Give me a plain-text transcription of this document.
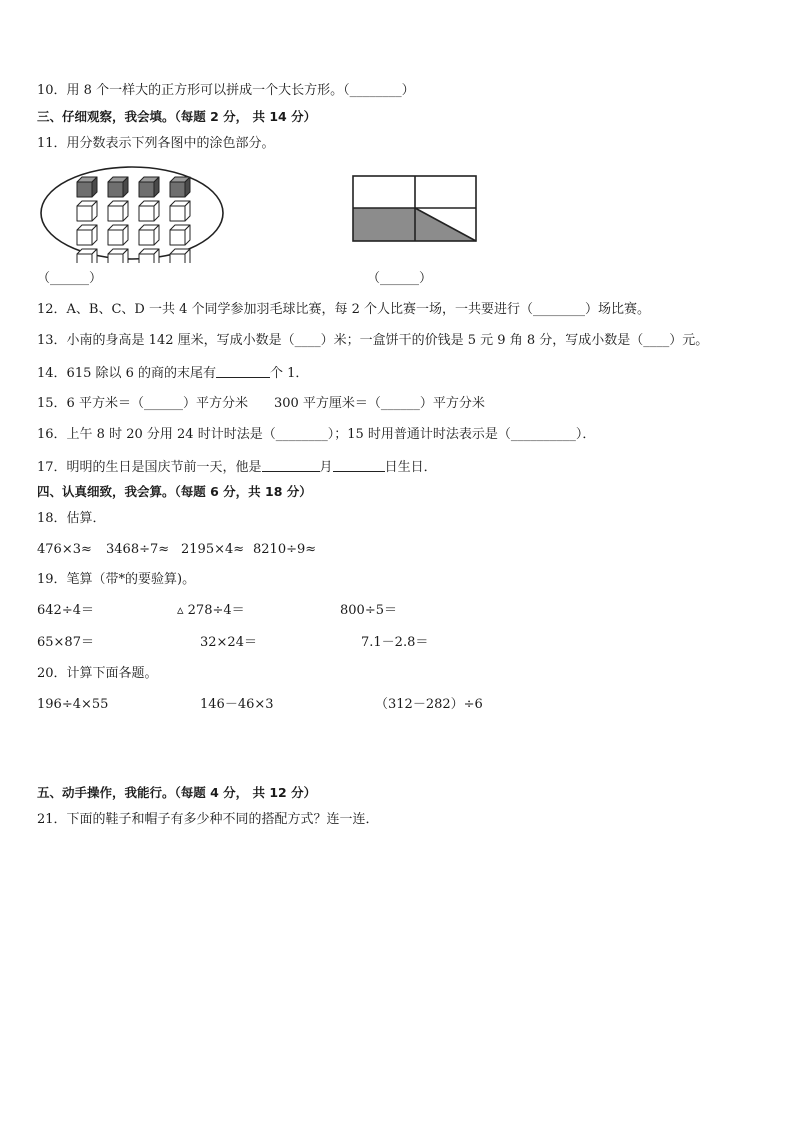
10．用 8 个一样大的正方形可以拼成一个大长方形。（________）
三、仔细观察，我会填。（每题 2 分， 共 14 分）
11．用分数表示下列各图中的涂色部分。
（______）	（______）
12．A、B、C、D 一共 4 个同学参加羽毛球比赛，每 2 个人比赛一场，一共要进行（________）场比赛。
13．小南的身高是 142 厘米，写成小数是（____）米；一盒饼干的价钱是 5 元 9 角 8 分，写成小数是（____）元。
14．615 除以 6 的商的末尾有	个 1．
15．6 平方米＝（______）平方分米　　300 平方厘米＝（______）平方分米
16．上午 8 时 20 分用 24 时计时法是（________）；15 时用普通计时法表示是（__________）．
17．明明的生日是国庆节前一天，他是	月	日生日．
四、认真细致，我会算。（每题 6 分，共 18 分）
18．估算．
476×3≈ 3468÷7≈ 2195×4≈ 8210÷9≈
19．笔算（带*的要验算)。
642÷4＝	▵ 278÷4＝	800÷5＝
65×87＝	32×24＝	7.1－2.8＝
20．计算下面各题。
196÷4×55	146－46×3	（312－282）÷6
五、动手操作，我能行。（每题 4 分， 共 12 分）
21．下面的鞋子和帽子有多少种不同的搭配方式？连一连．
